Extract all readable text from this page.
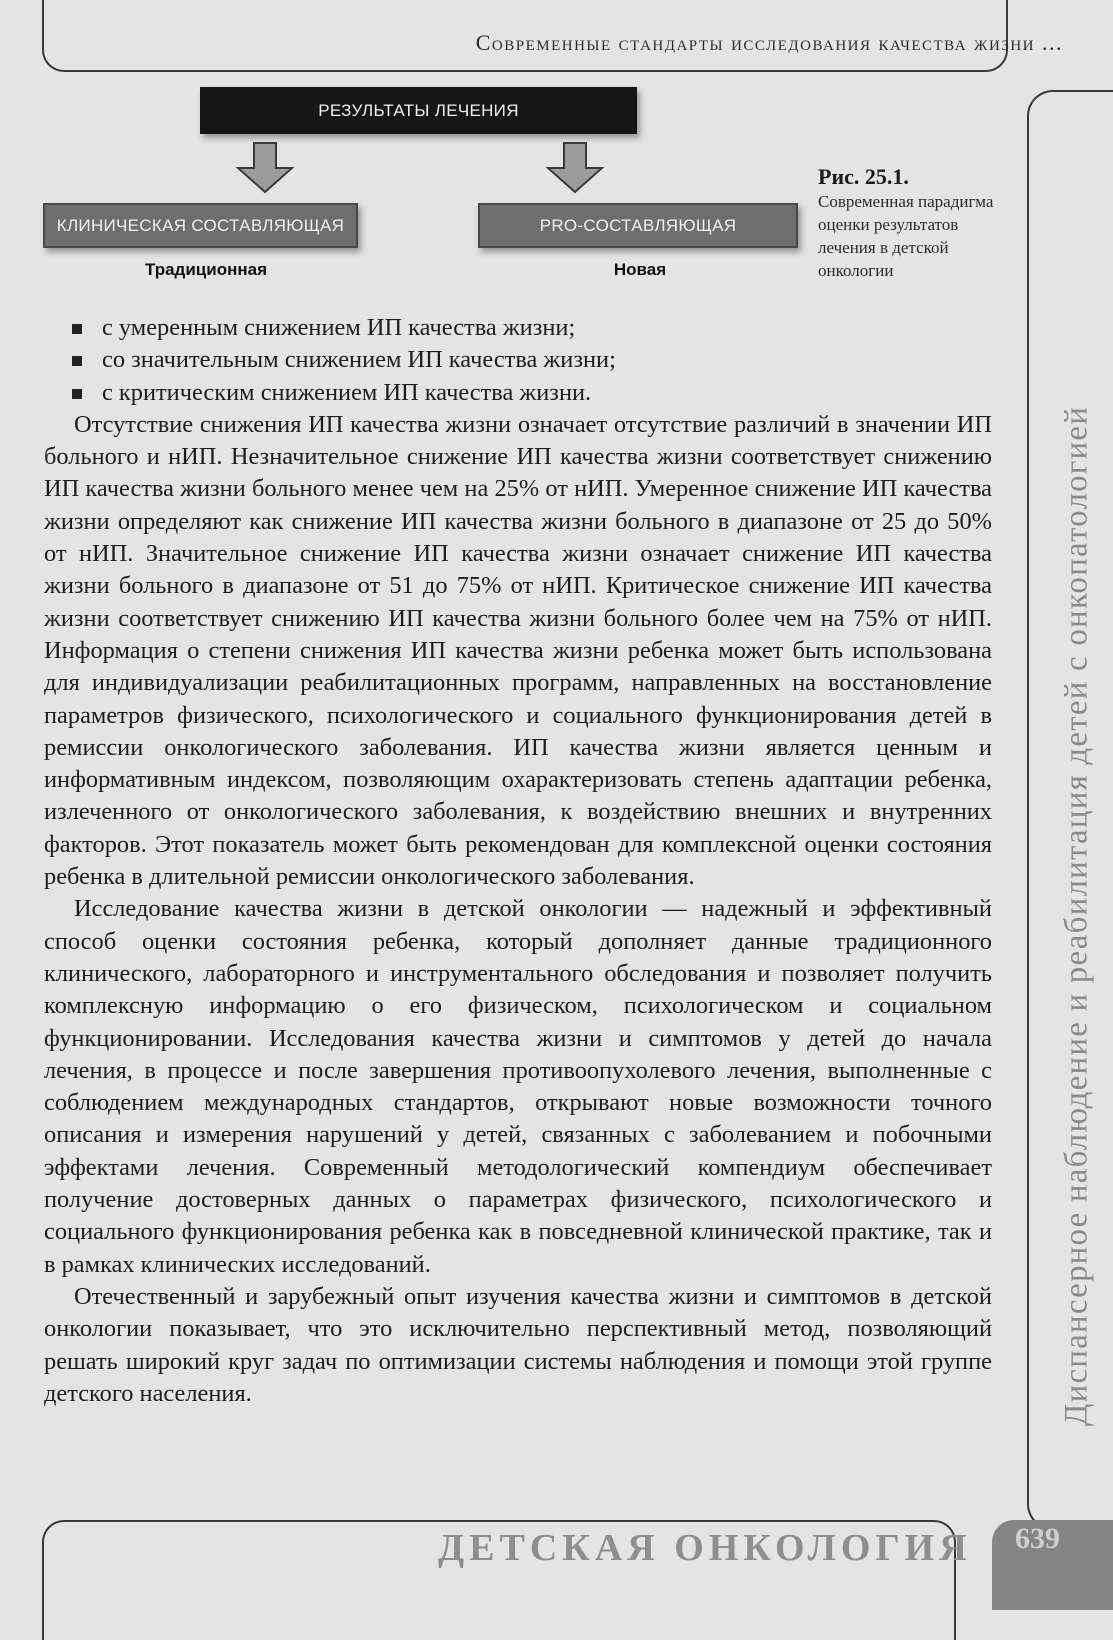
Современные стандарты исследования качества жизни ...
Диспансерное наблюдение и реабилитация детей с онкопатологией
РЕЗУЛЬТАТЫ ЛЕЧЕНИЯ
КЛИНИЧЕСКАЯ СОСТАВЛЯЮЩАЯ	PRO-СОСТАВЛЯЮЩАЯ
Традиционная	Новая
Рис. 25.1. Современная парадигма оценки результатов лечения в детской онкологии
с умеренным снижением ИП качества жизни;
со значительным снижением ИП качества жизни;
с критическим снижением ИП качества жизни.

Отсутствие снижения ИП качества жизни означает отсутствие различий в значении ИП больного и нИП. Незначительное снижение ИП качества жизни соответствует снижению ИП качества жизни больного менее чем на 25% от нИП. Умеренное снижение ИП качества жизни определяют как снижение ИП качества жизни больного в диапазоне от 25 до 50% от нИП. Значительное снижение ИП качества жизни означает снижение ИП качества жизни больного в диапазоне от 51 до 75% от нИП. Критическое снижение ИП качества жизни соответствует снижению ИП качества жизни больного более чем на 75% от нИП. Информация о степени снижения ИП качества жизни ребенка может быть использована для индивидуализации реабилитационных программ, направленных на восстановление параметров физического, психологического и социального функционирования детей в ремиссии онкологического заболевания. ИП качества жизни является ценным и информативным индексом, позволяющим охарактеризовать степень адаптации ребенка, излеченного от онкологического заболевания, к воздействию внешних и внутренних факторов. Этот показатель может быть рекомендован для комплексной оценки состояния ребенка в длительной ремиссии онкологического заболевания.

Исследование качества жизни в детской онкологии — надежный и эффективный способ оценки состояния ребенка, который дополняет данные традиционного клинического, лабораторного и инструментального обследования и позволяет получить комплексную информацию о его физическом, психологическом и социальном функционировании. Исследования качества жизни и симптомов у детей до начала лечения, в процессе и после завершения противоопухолевого лечения, выполненные с соблюдением международных стандартов, открывают новые возможности точного описания и измерения нарушений у детей, связанных с заболеванием и побочными эффектами лечения. Современный методологический компендиум обеспечивает получение достоверных данных о параметрах физического, психологического и социального функционирования ребенка как в повседневной клинической практике, так и в рамках клинических исследований.

Отечественный и зарубежный опыт изучения качества жизни и симптомов в детской онкологии показывает, что это исключительно перспективный метод, позволяющий решать широкий круг задач по оптимизации системы наблюдения и помощи этой группе детского населения.

ДЕТСКАЯ ОНКОЛОГИЯ 639
